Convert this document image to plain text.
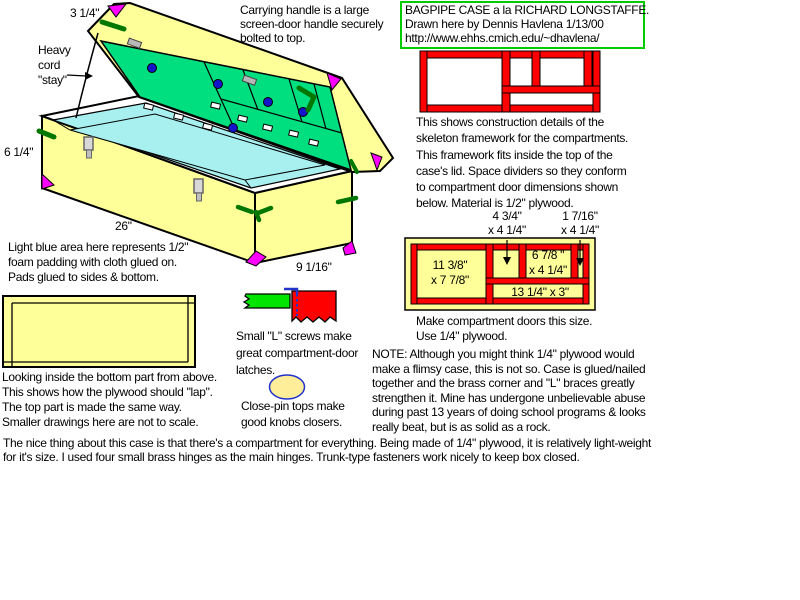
BAGPIPE CASE a la RICHARD LONGSTAFFE.
Drawn here by Dennis Havlena 1/13/00
http://www.ehhs.cmich.edu/~dhavlena/
3 1/4"	Carrying handle is a large
screen-door handle securely
bolted to top.
Heavy
cord
"stay"
6 1/4"
26"
9 1/16"
This shows construction details of the
skeleton framework for the compartments.
This framework fits inside the top of the
case's lid. Space dividers so they conform
to compartment door dimensions shown
below. Material is 1/2" plywood.
4 3/4"
x 4 1/4"
1 7/16"
x 4 1/4"
11 3/8"
x 7 7/8"
6 7/8 "
x 4 1/4"
13 1/4" x 3"
Make compartment doors this size.
Use 1/4" plywood.
Light blue area here represents 1/2"
foam padding with cloth glued on.
Pads glued to sides & bottom.
Looking inside the bottom part from above.
This shows how the plywood should "lap".
The top part is made the same way.
Smaller drawings here are not to scale.
Small "L" screws make
great compartment-door
latches.
Close-pin tops make
good knobs closers.
NOTE: Although you might think 1/4" plywood would
make a flimsy case, this is not so. Case is glued/nailed
together and the brass corner and "L" braces greatly
strengthen it. Mine has undergone unbelievable abuse
during past 13 years of doing school programs & looks
really beat, but is as solid as a rock.
The nice thing about this case is that there's a compartment for everything. Being made of 1/4" plywood, it is relatively light-weight
for it's size. I used four small brass hinges as the main hinges. Trunk-type fasteners work nicely to keep box closed.
